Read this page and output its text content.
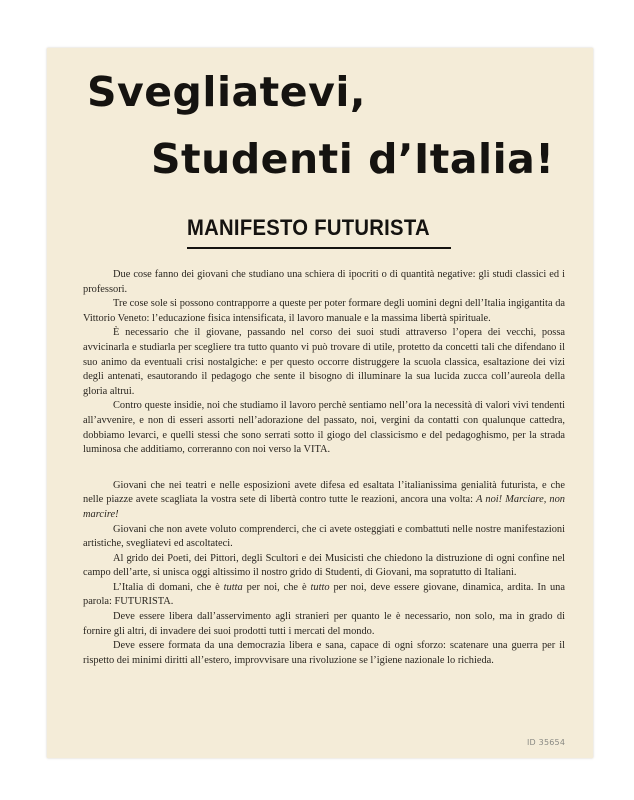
Svegliatevi,
Studenti d’Italia!
MANIFESTO FUTURISTA

Due cose fanno dei giovani che studiano una schiera di ipocriti o di quantità negative: gli studi classici ed i professori.

Tre cose sole si possono contrapporre a queste per poter formare degli uomini degni dell’Italia ingigantita da Vittorio Veneto: l’educazione fisica intensificata, il lavoro manuale e la massima libertà spirituale.

È necessario che il giovane, passando nel corso dei suoi studi attraverso l’opera dei vecchi, possa avvicinarla e studiarla per scegliere tra tutto quanto vi può trovare di utile, protetto da concetti tali che difendano il suo animo da eventuali crisi nostalgiche: e per questo occorre distruggere la scuola classica, esaltazione dei vizi degli antenati, esautorando il pedagogo che sente il bisogno di illuminare la sua lucida zucca coll’aureola della gloria altrui.

Contro queste insidie, noi che studiamo il lavoro perchè sentiamo nell’ora la necessità di valori vivi tendenti all’avvenire, e non di esseri assorti nell’adorazione del passato, noi, vergini da contatti con qualunque cattedra, dobbiamo levarci, e quelli stessi che sono serrati sotto il giogo del classicismo e del pedagoghismo, per la strada luminosa che additiamo, correranno con noi verso la VITA.

Giovani che nei teatri e nelle esposizioni avete difesa ed esaltata l’italianissima genialità futurista, e che nelle piazze avete scagliata la vostra sete di libertà contro tutte le reazioni, ancora una volta: A noi! Marciare, non marcire!

Giovani che non avete voluto comprenderci, che ci avete osteggiati e combattuti nelle nostre manifestazioni artistiche, svegliatevi ed ascoltateci.

Al grido dei Poeti, dei Pittori, degli Scultori e dei Musicisti che chiedono la distruzione di ogni confine nel campo dell’arte, si unisca oggi altissimo il nostro grido di Studenti, di Giovani, ma sopratutto di Italiani.

L’Italia di domani, che è tutta per noi, che è tutto per noi, deve essere giovane, dinamica, ardita. In una parola: FUTURISTA.

Deve essere libera dall’asservimento agli stranieri per quanto le è necessario, non solo, ma in grado di fornire gli altri, di invadere dei suoi prodotti tutti i mercati del mondo.

Deve essere formata da una democrazia libera e sana, capace di ogni sforzo: scatenare una guerra per il rispetto dei minimi diritti all’estero, improvvisare una rivoluzione se l’igiene nazionale lo richieda.

ID 35654
